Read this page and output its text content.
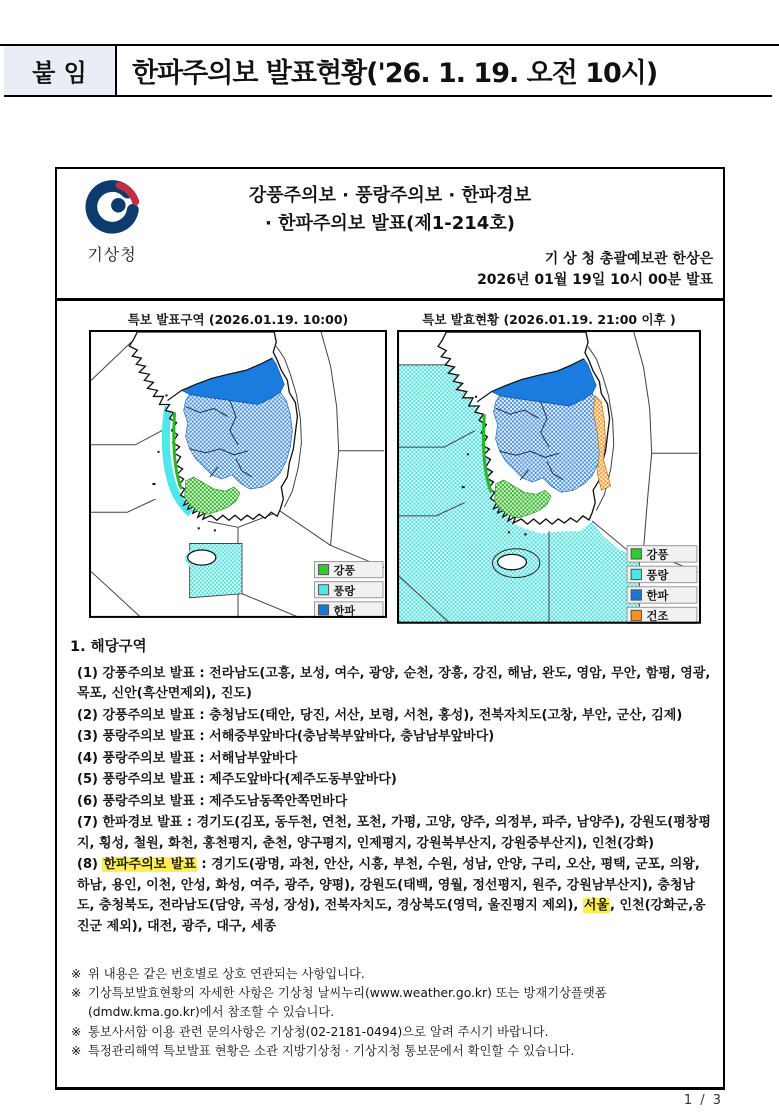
붙 임	한파주의보 발표현황('26. 1. 19. 오전 10시)
기상청
강풍주의보 · 풍랑주의보 · 한파경보
· 한파주의보 발표(제1-214호)
기 상 청 총괄예보관 한상은
2026년 01월 19일 10시 00분 발표
특보 발표구역 (2026.01.19. 10:00)
강풍
풍랑
한파
특보 발효현황 (2026.01.19. 21:00 이후 )
강풍
풍랑
한파
건조
1. 해당구역
(1) 강풍주의보 발표 : 전라남도(고흥, 보성, 여수, 광양, 순천, 장흥, 강진, 해남, 완도, 영암, 무안, 함평, 영광, 목포, 신안(흑산면제외), 진도)
(2) 강풍주의보 발표 : 충청남도(태안, 당진, 서산, 보령, 서천, 홍성), 전북자치도(고창, 부안, 군산, 김제)
(3) 풍랑주의보 발표 : 서해중부앞바다(충남북부앞바다, 충남남부앞바다)
(4) 풍랑주의보 발표 : 서해남부앞바다
(5) 풍랑주의보 발표 : 제주도앞바다(제주도동부앞바다)
(6) 풍랑주의보 발표 : 제주도남동쪽안쪽먼바다
(7) 한파경보 발표 : 경기도(김포, 동두천, 연천, 포천, 가평, 고양, 양주, 의정부, 파주, 남양주), 강원도(평창평지, 횡성, 철원, 화천, 홍천평지, 춘천, 양구평지, 인제평지, 강원북부산지, 강원중부산지), 인천(강화)
(8) 한파주의보 발표 : 경기도(광명, 과천, 안산, 시흥, 부천, 수원, 성남, 안양, 구리, 오산, 평택, 군포, 의왕, 하남, 용인, 이천, 안성, 화성, 여주, 광주, 양평), 강원도(태백, 영월, 정선평지, 원주, 강원남부산지), 충청남도, 충청북도, 전라남도(담양, 곡성, 장성), 전북자치도, 경상북도(영덕, 울진평지 제외), 서울, 인천(강화군,옹진군 제외), 대전, 광주, 대구, 세종
※ 위 내용은 같은 번호별로 상호 연관되는 사항입니다.
※ 기상특보발효현황의 자세한 사항은 기상청 날씨누리(www.weather.go.kr) 또는 방재기상플랫폼(dmdw.kma.go.kr)에서 참조할 수 있습니다.
※ 통보사서함 이용 관련 문의사항은 기상청(02-2181-0494)으로 알려 주시기 바랍니다.
※ 특정관리해역 특보발표 현황은 소관 지방기상청 · 기상지청 통보문에서 확인할 수 있습니다.
1 / 3
